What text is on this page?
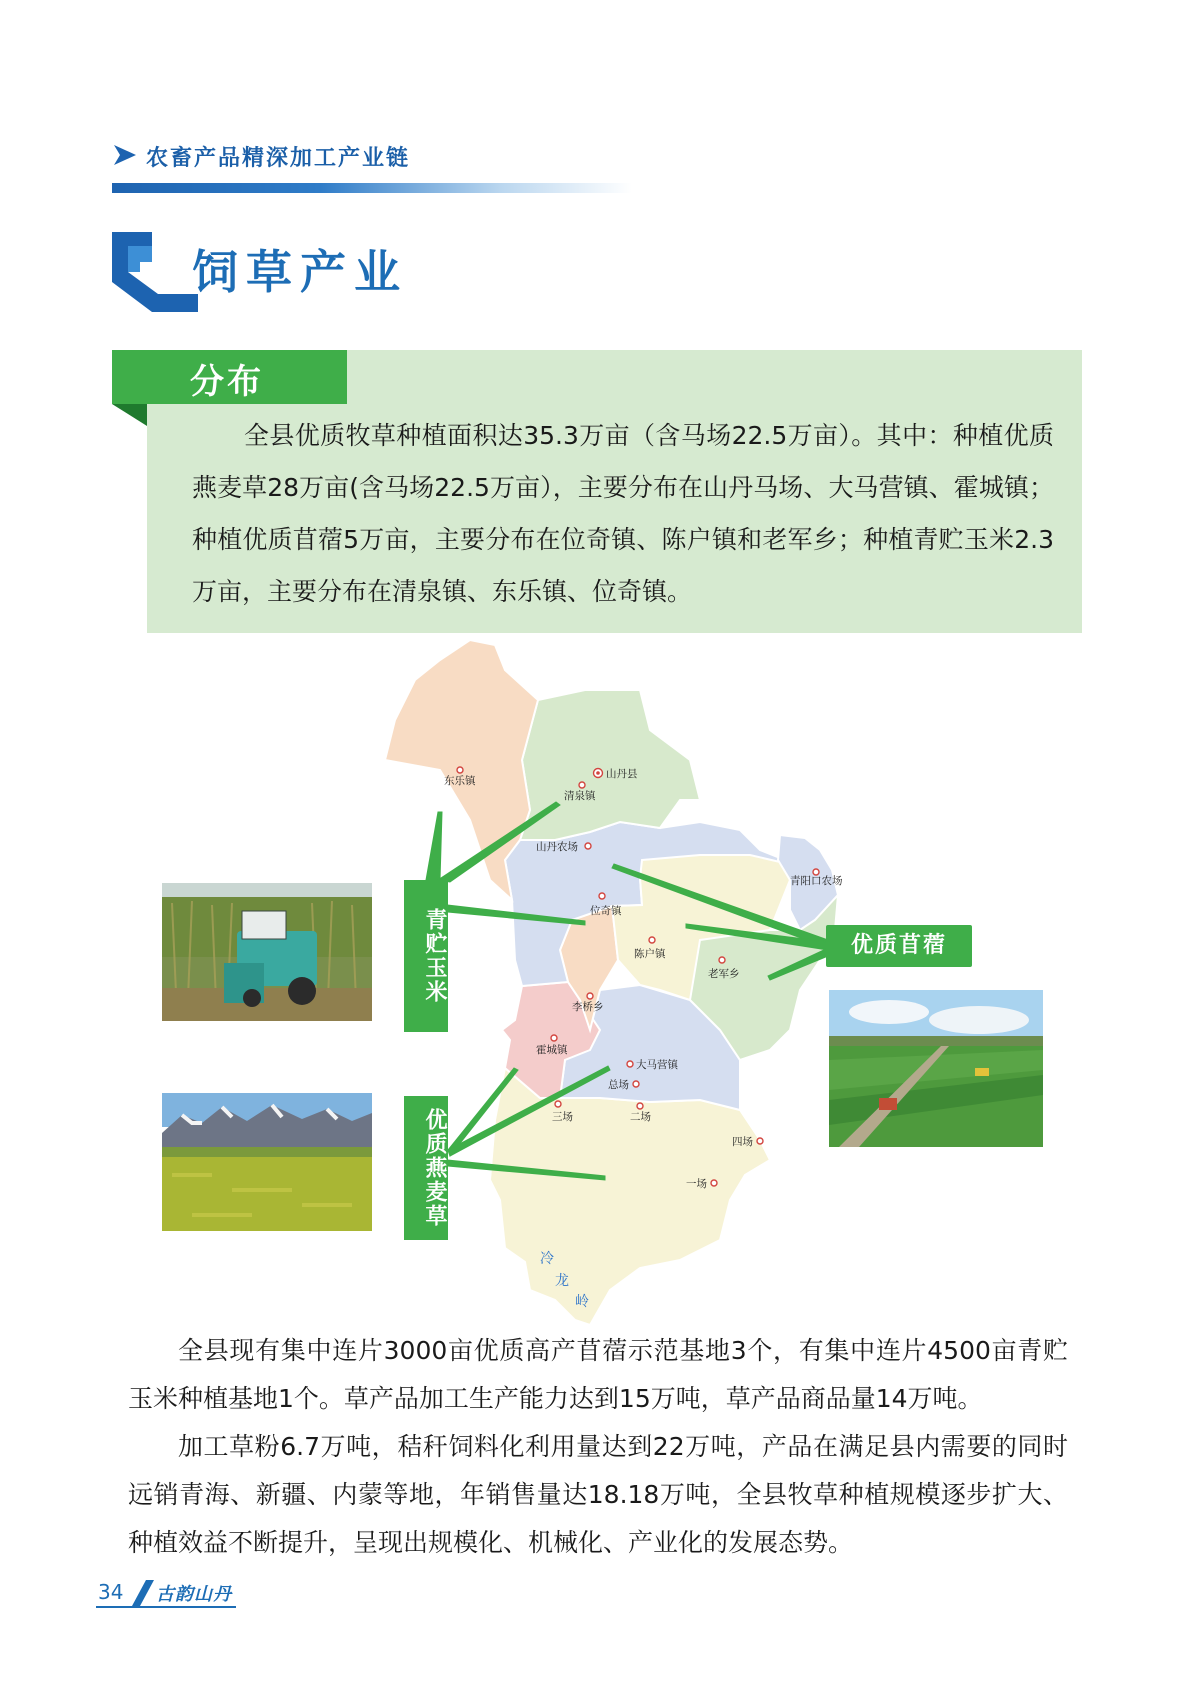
农畜产品精深加工产业链
饲草产业
分布
全县优质牧草种植面积达35.3万亩（含马场22.5万亩）。其中：种植优质燕麦草28万亩(含马场22.5万亩），主要分布在山丹马场、大马营镇、霍城镇；种植优质苜蓿5万亩，主要分布在位奇镇、陈户镇和老军乡；种植青贮玉米2.3万亩，主要分布在清泉镇、东乐镇、位奇镇。
东乐镇
山丹县
清泉镇
山丹农场
青阳口农场
位奇镇
陈户镇
老军乡
李桥乡
霍城镇
大马营镇
总场
三场	二场
四场
一场
冷
龙
岭
青贮玉米
优质燕麦草
优质苜蓿
全县现有集中连片3000亩优质高产苜蓿示范基地3个，有集中连片4500亩青贮玉米种植基地1个。草产品加工生产能力达到15万吨，草产品商品量14万吨。
加工草粉6.7万吨，秸秆饲料化利用量达到22万吨，产品在满足县内需要的同时远销青海、新疆、内蒙等地，年销售量达18.18万吨，全县牧草种植规模逐步扩大、种植效益不断提升，呈现出规模化、机械化、产业化的发展态势。
34 古韵山丹
